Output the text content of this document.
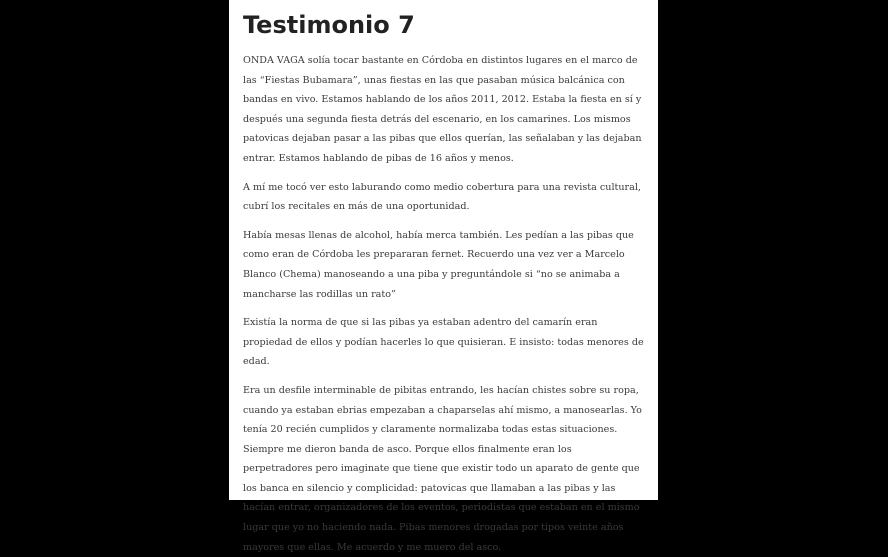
Testimonio 7

ONDA VAGA solía tocar bastante en Córdoba en distintos lugares en el marco de las “Fiestas Bubamara”, unas fiestas en las que pasaban música balcánica con bandas en vivo. Estamos hablando de los años 2011, 2012. Estaba la fiesta en sí y después una segunda fiesta detrás del escenario, en los camarines. Los mismos patovicas dejaban pasar a las pibas que ellos querían, las señalaban y las dejaban entrar. Estamos hablando de pibas de 16 años y menos.

A mí me tocó ver esto laburando como medio cobertura para una revista cultural, cubrí los recitales en más de una oportunidad.

Había mesas llenas de alcohol, había merca también. Les pedían a las pibas que como eran de Córdoba les prepararan fernet. Recuerdo una vez ver a Marcelo Blanco (Chema) manoseando a una piba y preguntándole si “no se animaba a mancharse las rodillas un rato”

Existía la norma de que si las pibas ya estaban adentro del camarín eran propiedad de ellos y podían hacerles lo que quisieran. E insisto: todas menores de edad.

Era un desfile interminable de pibitas entrando, les hacían chistes sobre su ropa, cuando ya estaban ebrias empezaban a chaparselas ahí mismo, a manosearlas. Yo tenía 20 recién cumplidos y claramente normalizaba todas estas situaciones. Siempre me dieron banda de asco. Porque ellos finalmente eran los perpetradores pero imaginate que tiene que existir todo un aparato de gente que los banca en silencio y complicidad: patovicas que llamaban a las pibas y las hacían entrar, organizadores de los eventos, periodistas que estaban en el mismo lugar que yo no haciendo nada. Pibas menores drogadas por tipos veinte años mayores que ellas. Me acuerdo y me muero del asco.
